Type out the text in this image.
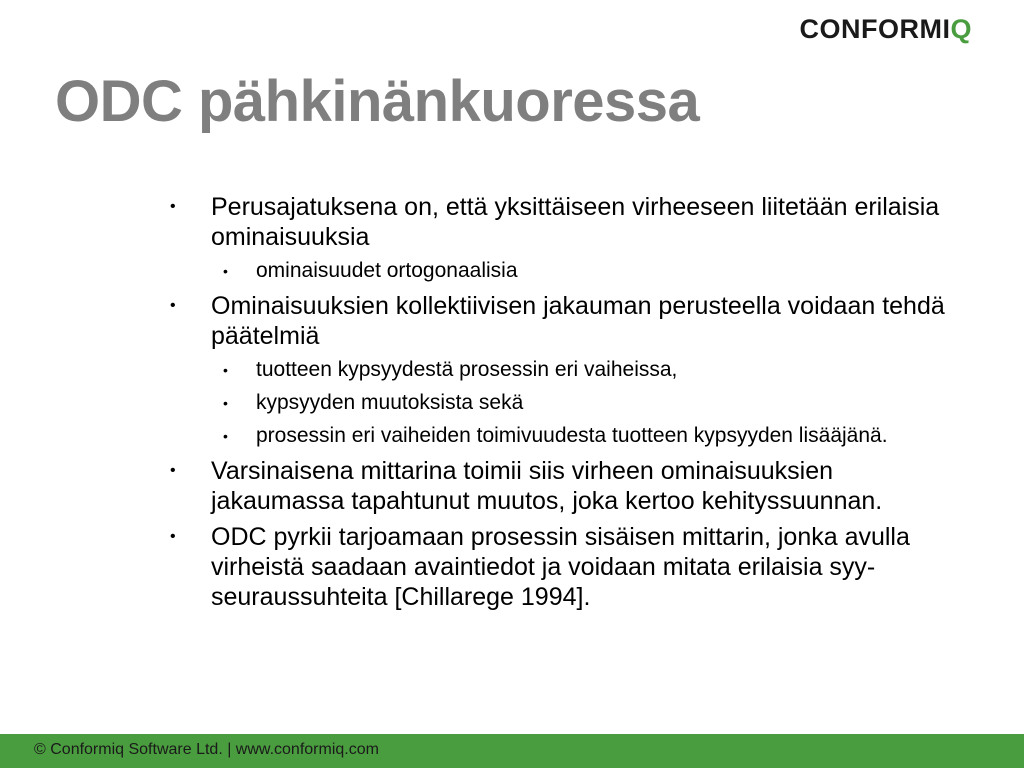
CONFORMIQ
ODC pähkinänkuoressa
• Perusajatuksena on, että yksittäiseen virheeseen liitetään erilaisia ominaisuuksia
• ominaisuudet ortogonaalisia
• Ominaisuuksien kollektiivisen jakauman perusteella voidaan tehdä päätelmiä
• tuotteen kypsyydestä prosessin eri vaiheissa,
• kypsyyden muutoksista sekä
• prosessin eri vaiheiden toimivuudesta tuotteen kypsyyden lisääjänä.
• Varsinaisena mittarina toimii siis virheen ominaisuuksien jakaumassa tapahtunut muutos, joka kertoo kehityssuunnan.
• ODC pyrkii tarjoamaan prosessin sisäisen mittarin, jonka avulla virheistä saadaan avaintiedot ja voidaan mitata erilaisia syy-seuraussuhteita [Chillarege 1994].
© Conformiq Software Ltd. | www.conformiq.com
